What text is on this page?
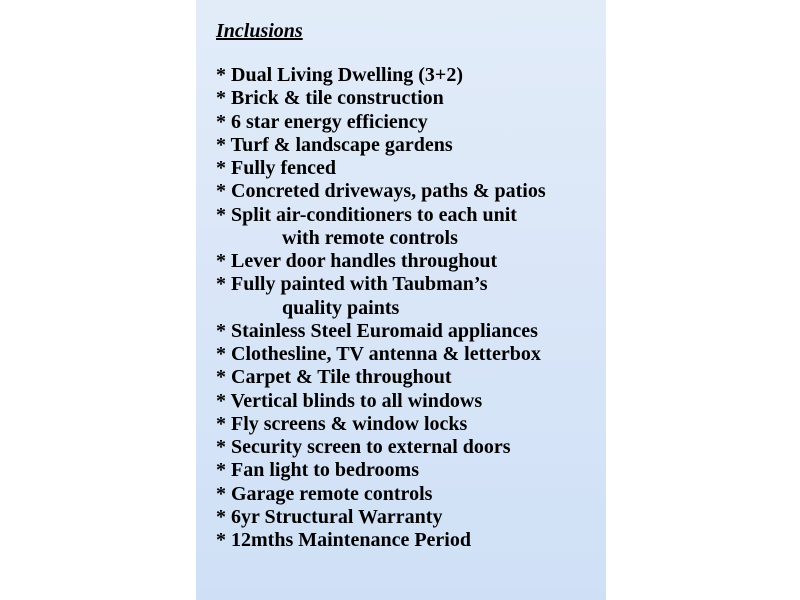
Inclusions
* Dual Living Dwelling (3+2)
* Brick & tile construction
* 6 star energy efficiency
* Turf & landscape gardens
* Fully fenced
* Concreted driveways, paths & patios
* Split air-conditioners to each unit
with remote controls
* Lever door handles throughout
* Fully painted with Taubman’s
quality paints
* Stainless Steel Euromaid appliances
* Clothesline, TV antenna & letterbox
* Carpet & Tile throughout
* Vertical blinds to all windows
* Fly screens & window locks
* Security screen to external doors
* Fan light to bedrooms
* Garage remote controls
* 6yr Structural Warranty
* 12mths Maintenance Period
